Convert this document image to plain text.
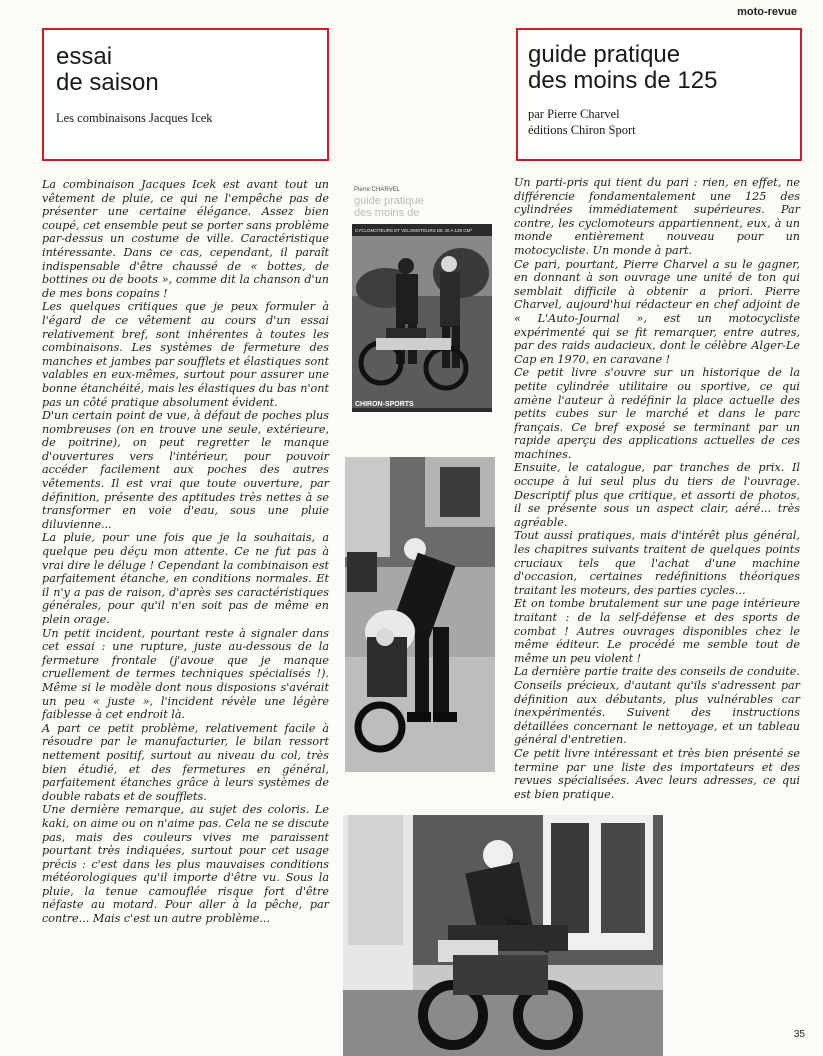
moto-revue
essai
de saison
Les combinaisons Jacques Icek
guide pratique
des moins de 125
par Pierre Charvel
éditions Chiron Sport

La combinaison Jacques Icek est avant tout un vêtement de pluie, ce qui ne l'empêche pas de présenter une certaine élégance. Assez bien coupé, cet ensemble peut se porter sans problème par-dessus un costume de ville. Caractéristique intéressante. Dans ce cas, cependant, il paraît indispensable d'être chaussé de « bottes, de bottines ou de boots », comme dit la chanson d'un de mes bons copains !

Les quelques critiques que je peux formuler à l'égard de ce vêtement au cours d'un essai relativement bref, sont inhérentes à toutes les combinaisons. Les systèmes de fermeture des manches et jambes par soufflets et élastiques sont valables en eux-mêmes, surtout pour assurer une bonne étanchéité, mais les élastiques du bas n'ont pas un côté pratique absolument évident.

D'un certain point de vue, à défaut de poches plus nombreuses (on en trouve une seule, extérieure, de poitrine), on peut regretter le manque d'ouvertures vers l'intérieur, pour pouvoir accéder facilement aux poches des autres vêtements. Il est vrai que toute ouverture, par définition, présente des aptitudes très nettes à se transformer en voie d'eau, sous une pluie diluvienne...

La pluie, pour une fois que je la souhaitais, a quelque peu déçu mon attente. Ce ne fut pas à vrai dire le déluge ! Cependant la combinaison est parfaitement étanche, en conditions normales. Et il n'y a pas de raison, d'après ses caractéristiques générales, pour qu'il n'en soit pas de même en plein orage.

Un petit incident, pourtant reste à signaler dans cet essai : une rupture, juste au-dessous de la fermeture frontale (j'avoue que je manque cruellement de termes techniques spécialisés !). Même si le modèle dont nous disposions s'avérait un peu « juste », l'incident révèle une légère faiblesse à cet endroit là.

A part ce petit problème, relativement facile à résoudre par le manufacturier, le bilan ressort nettement positif, surtout au niveau du col, très bien étudié, et des fermetures en général, parfaitement étanches grâce à leurs systèmes de double rabats et de soufflets.

Une dernière remarque, au sujet des coloris. Le kaki, on aime ou on n'aime pas. Cela ne se discute pas, mais des couleurs vives me paraissent pourtant très indiquées, surtout pour cet usage précis : c'est dans les plus mauvaises conditions météorologiques qu'il importe d'être vu. Sous la pluie, la tenue camouflée risque fort d'être néfaste au motard. Pour aller à la pêche, par contre... Mais c'est un autre problème...

Un parti-pris qui tient du pari : rien, en effet, ne différencie fondamentalement une 125 des cylindrées immédiatement supérieures. Par contre, les cyclomoteurs appartiennent, eux, à un monde entièrement nouveau pour un motocycliste. Un monde à part.

Ce pari, pourtant, Pierre Charvel a su le gagner, en donnant à son ouvrage une unité de ton qui semblait difficile à obtenir a priori. Pierre Charvel, aujourd'hui rédacteur en chef adjoint de « L'Auto-Journal », est un motocycliste expérimenté qui se fit remarquer, entre autres, par des raids audacieux, dont le célèbre Alger-Le Cap en 1970, en caravane !

Ce petit livre s'ouvre sur un historique de la petite cylindrée utilitaire ou sportive, ce qui amène l'auteur à redéfinir la place actuelle des petits cubes sur le marché et dans le parc français. Ce bref exposé se terminant par un rapide aperçu des applications actuelles de ces machines.

Ensuite, le catalogue, par tranches de prix. Il occupe à lui seul plus du tiers de l'ouvrage. Descriptif plus que critique, et assorti de photos, il se présente sous un aspect clair, aéré... très agréable.

Tout aussi pratiques, mais d'intérêt plus général, les chapitres suivants traitent de quelques points cruciaux tels que l'achat d'une machine d'occasion, certaines redéfinitions théoriques traitant les moteurs, des parties cycles...

Et on tombe brutalement sur une page intérieure traitant : de la self-défense et des sports de combat ! Autres ouvrages disponibles chez le même éditeur. Le procédé me semble tout de même un peu violent !

La dernière partie traite des conseils de conduite. Conseils précieux, d'autant qu'ils s'adressent par définition aux débutants, plus vulnérables car inexpérimentés. Suivent des instructions détaillées concernant le nettoyage, et un tableau général d'entretien.

Ce petit livre intéressant et très bien présenté se termine par une liste des importateurs et des revues spécialisées. Avec leurs adresses, ce qui est bien pratique.

Pierre CHARVEL
guide pratique
des moins de
CYCLOMOTEURS ET VELOMOTEURS DE 40 A 125 CM³
CHIRON-SPORTS
35
